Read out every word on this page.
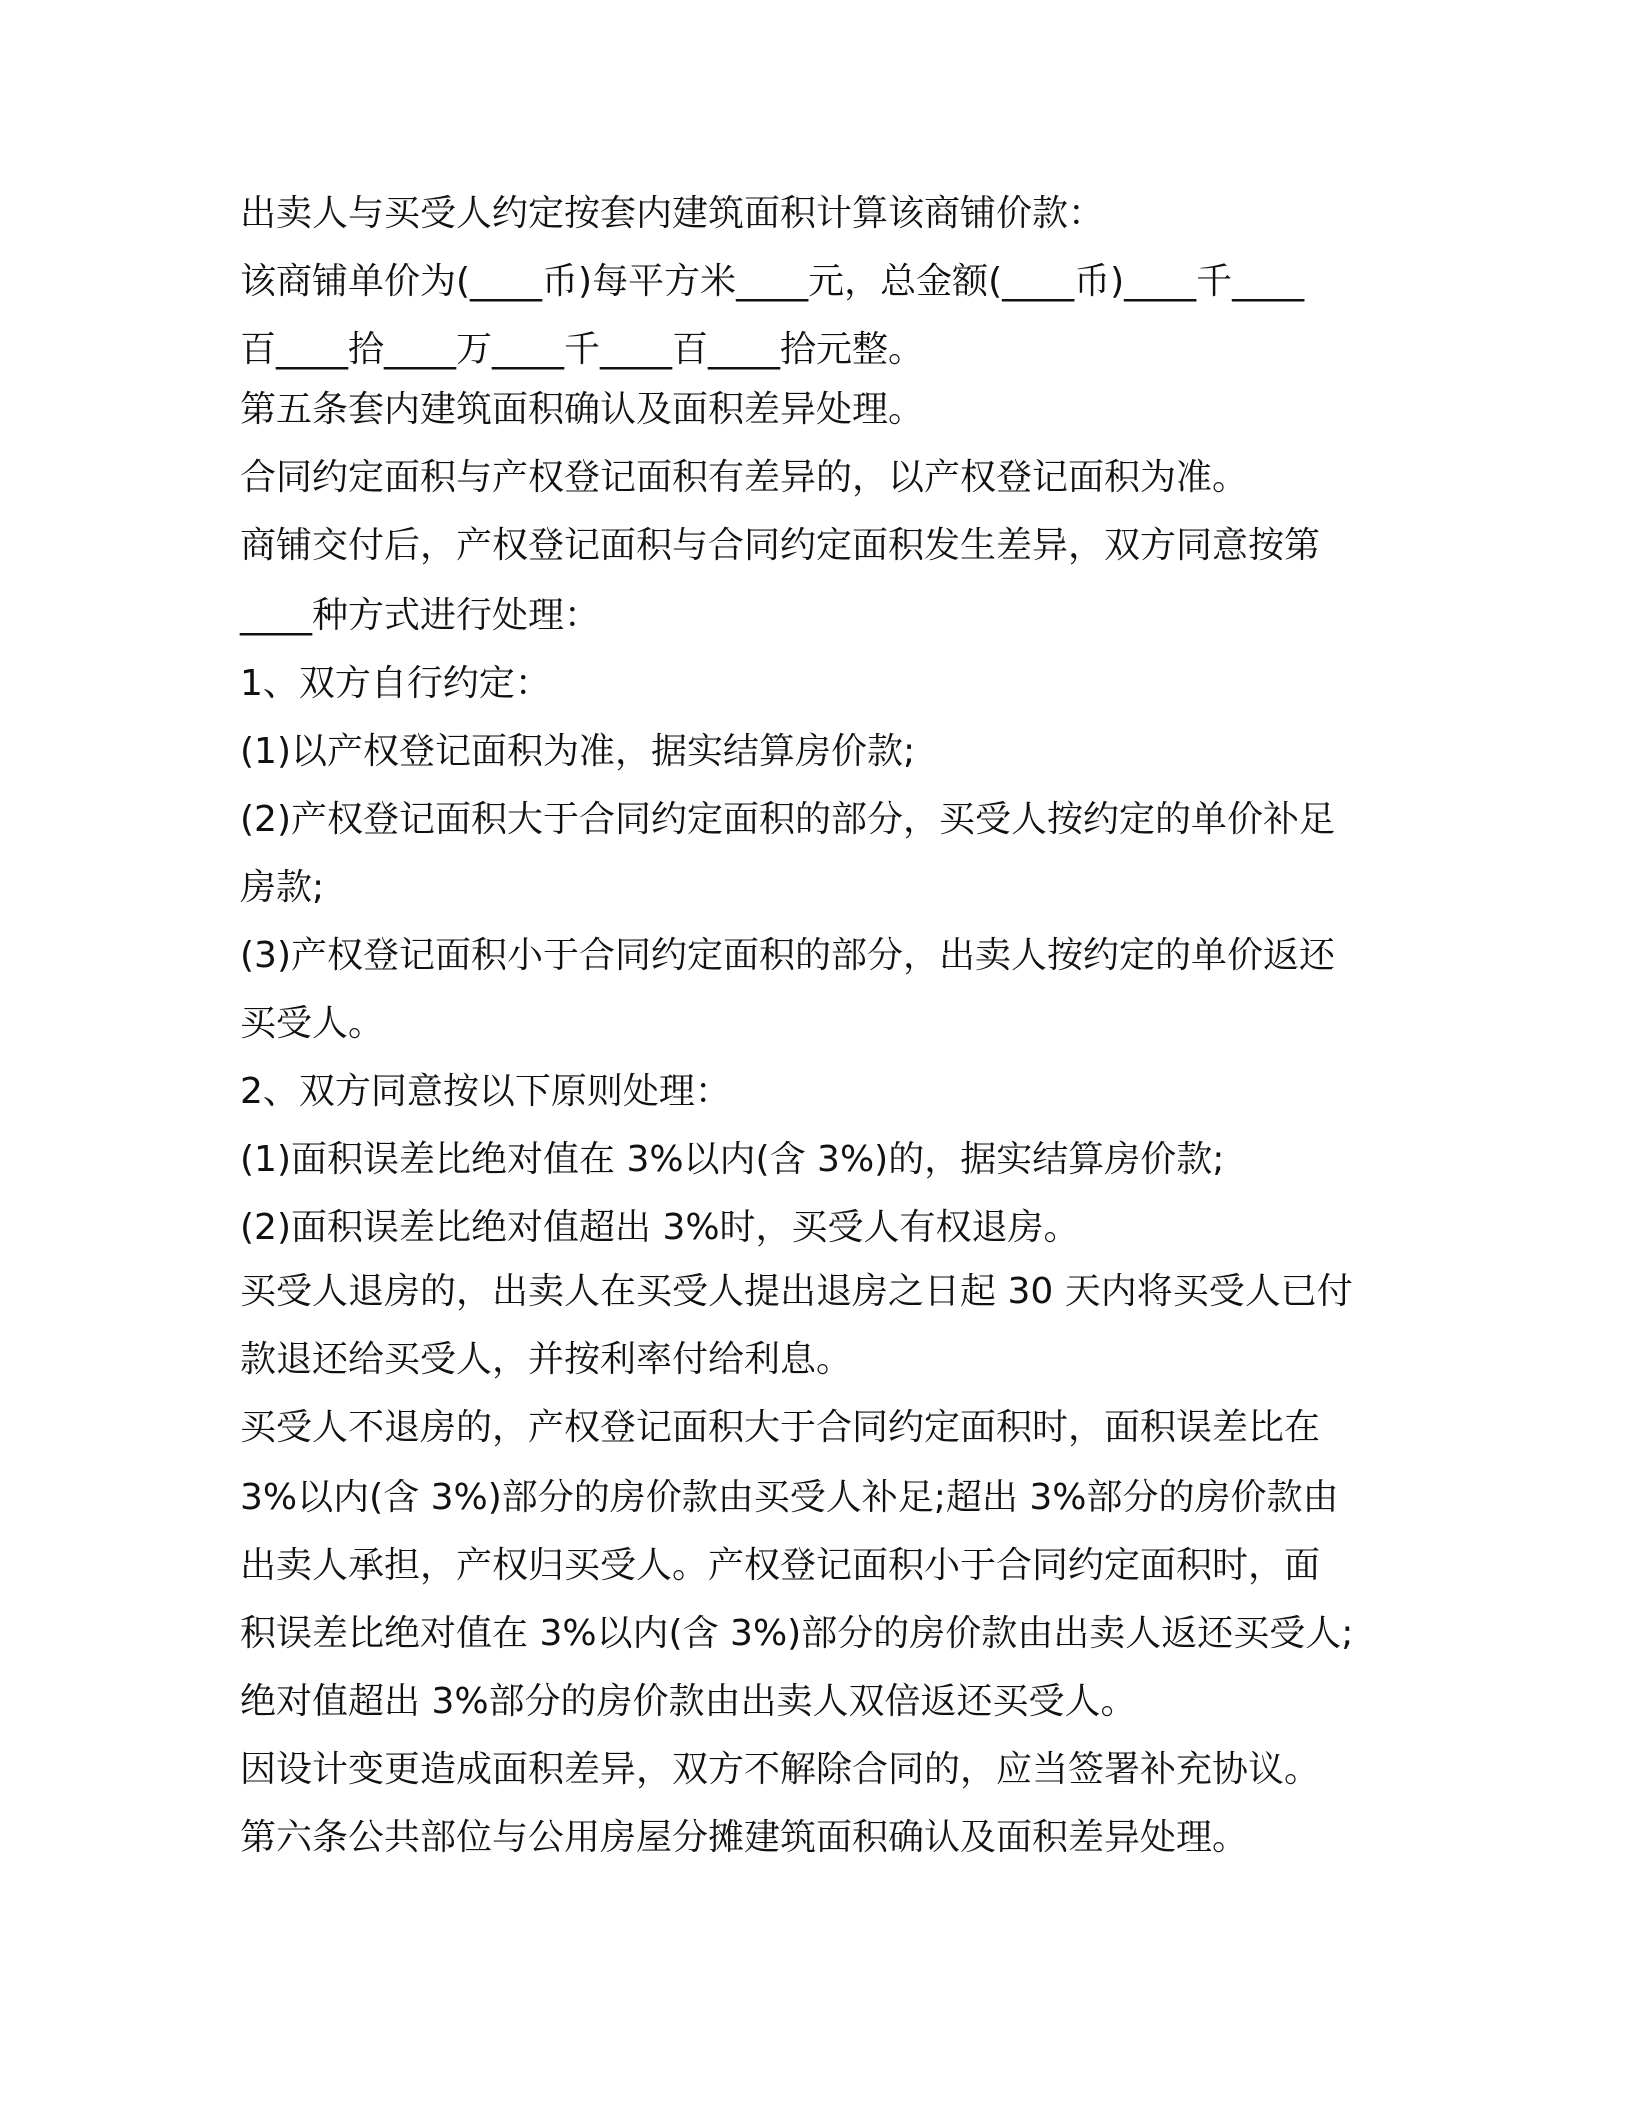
出卖人与买受人约定按套内建筑面积计算该商铺价款：

该商铺单价为(____币)每平方米____元，总金额(____币)____千____

百____拾____万____千____百____拾元整。

第五条套内建筑面积确认及面积差异处理。

合同约定面积与产权登记面积有差异的，以产权登记面积为准。

商铺交付后，产权登记面积与合同约定面积发生差异，双方同意按第

____种方式进行处理：

1、双方自行约定：

(1)以产权登记面积为准，据实结算房价款;

(2)产权登记面积大于合同约定面积的部分，买受人按约定的单价补足

房款;

(3)产权登记面积小于合同约定面积的部分，出卖人按约定的单价返还

买受人。

2、双方同意按以下原则处理：

(1)面积误差比绝对值在 3%以内(含 3%)的，据实结算房价款;

(2)面积误差比绝对值超出 3%时，买受人有权退房。

买受人退房的，出卖人在买受人提出退房之日起 30 天内将买受人已付

款退还给买受人，并按利率付给利息。

买受人不退房的，产权登记面积大于合同约定面积时，面积误差比在

3%以内(含 3%)部分的房价款由买受人补足;超出 3%部分的房价款由

出卖人承担，产权归买受人。产权登记面积小于合同约定面积时，面

积误差比绝对值在 3%以内(含 3%)部分的房价款由出卖人返还买受人;

绝对值超出 3%部分的房价款由出卖人双倍返还买受人。

因设计变更造成面积差异，双方不解除合同的，应当签署补充协议。

第六条公共部位与公用房屋分摊建筑面积确认及面积差异处理。
